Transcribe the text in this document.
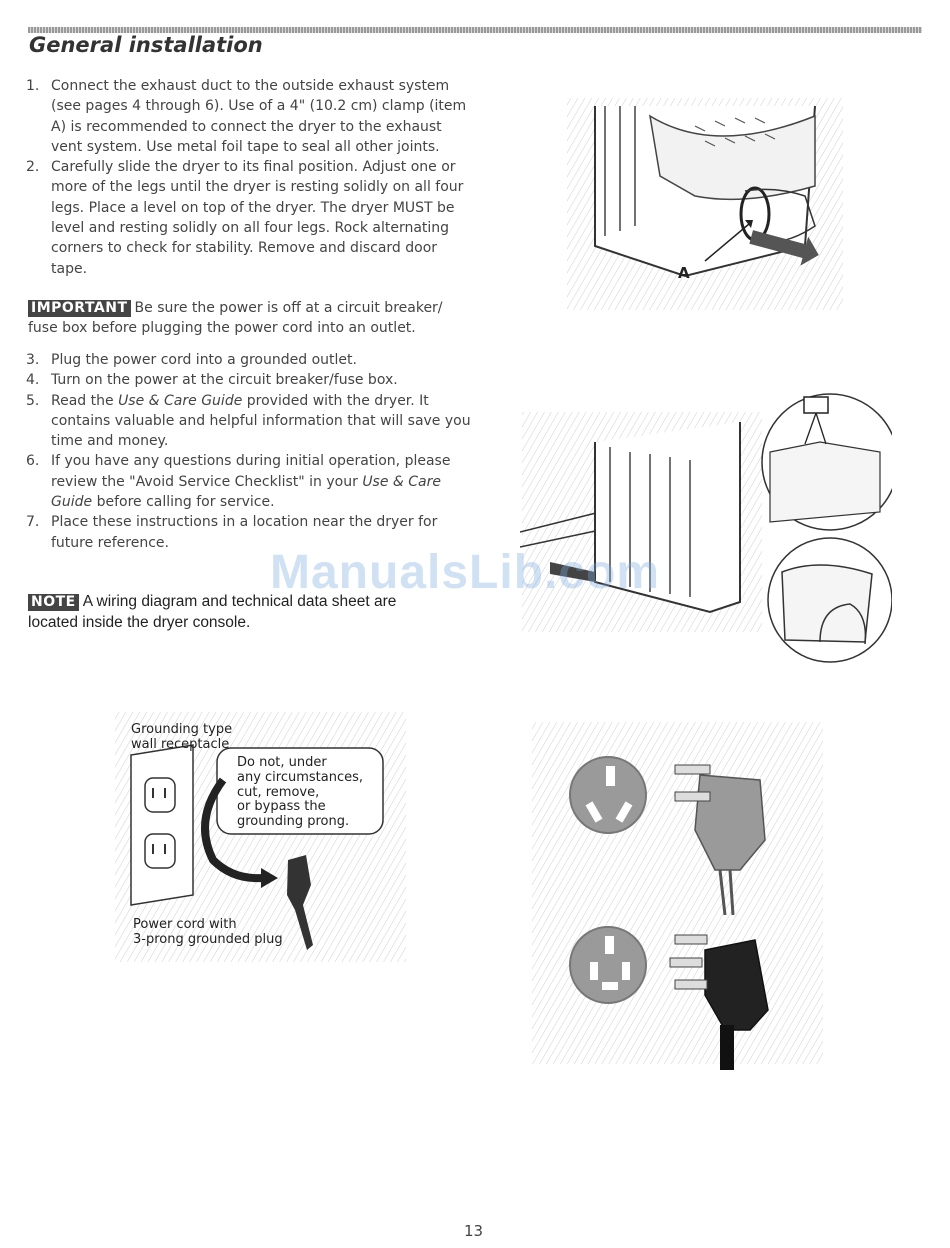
General installation
1. Connect the exhaust duct to the outside exhaust system (see pages 4 through 6). Use of a 4" (10.2 cm) clamp (item A) is recommended to connect the dryer to the exhaust vent system. Use metal foil tape to seal all other joints.
2. Carefully slide the dryer to its final position. Adjust one or more of the legs until the dryer is resting solidly on all four legs. Place a level on top of the dryer. The dryer MUST be level and resting solidly on all four legs. Rock alternating corners to check for stability. Remove and discard door tape.
IMPORTANT Be sure the power is off at a circuit breaker/ fuse box before plugging the power cord into an outlet.
3. Plug the power cord into a grounded outlet.
4. Turn on the power at the circuit breaker/fuse box.
5. Read the Use & Care Guide provided with the dryer. It contains valuable and helpful information that will save you time and money.
6. If you have any questions during initial operation, please review the "Avoid Service Checklist" in your Use & Care Guide before calling for service.
7. Place these instructions in a location near the dryer for future reference.
NOTE A wiring diagram and technical data sheet are located inside the dryer console.
A
Grounding type
wall receptacle
Do not, under
any circumstances,
cut, remove,
or bypass the
grounding prong.
Power cord with
3-prong grounded plug
ManualsLib.com
13
